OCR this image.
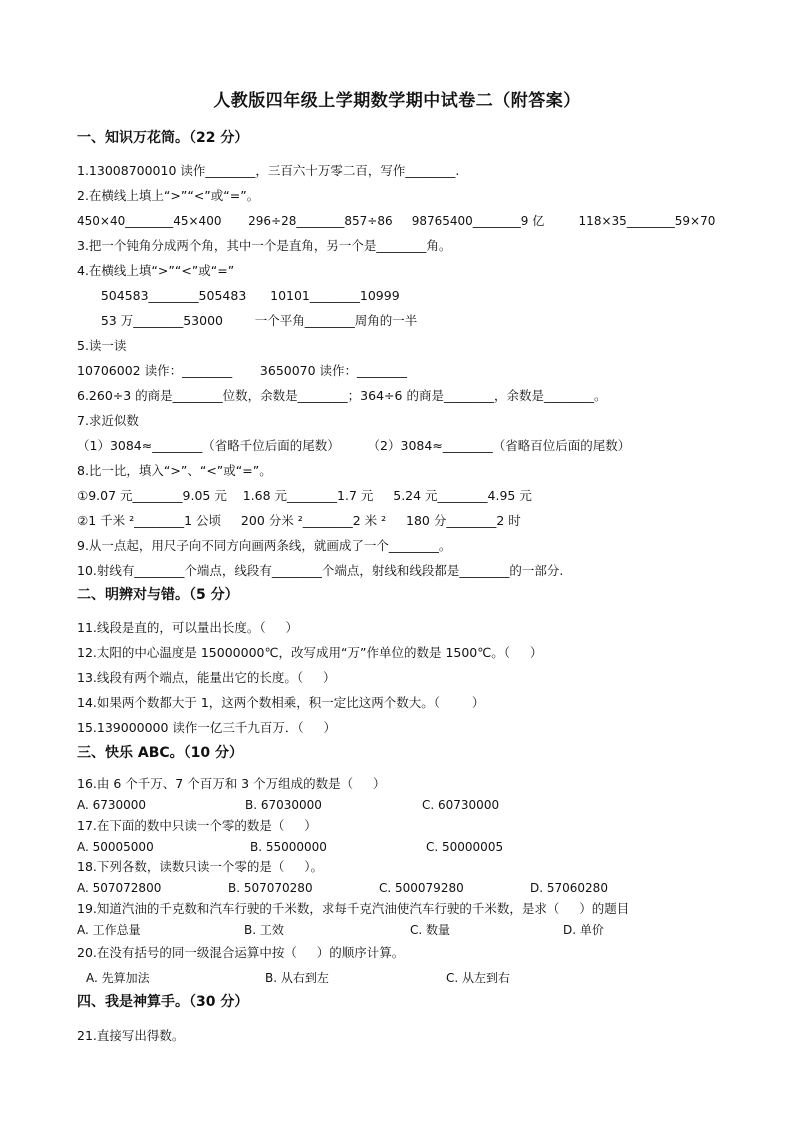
人教版四年级上学期数学期中试卷二（附答案）
一、知识万花筒。（22 分）
1.13008700010 读作________，三百六十万零二百，写作________.
2.在横线上填上“>”“<”或“=”。
450×40________45×400       296÷28________857÷86     98765400________9 亿         118×35________59×70
3.把一个钝角分成两个角，其中一个是直角，另一个是________角。
4.在横线上填“>”“<”或“=”
504583________505483      10101________10999
53 万________53000        一个平角________周角的一半
5.读一读
10706002 读作：________       3650070 读作：________
6.260÷3 的商是________位数，余数是________；364÷6 的商是________，余数是________。
7.求近似数
（1）3084≈________（省略千位后面的尾数）       （2）3084≈________（省略百位后面的尾数）
8.比一比，填入“>”、“<”或“=”。
①9.07 元________9.05 元    1.68 元________1.7 元     5.24 元________4.95 元
②1 千米 ²________1 公顷     200 分米 ²________2 米 ²     180 分________2 时
9.从一点起，用尺子向不同方向画两条线，就画成了一个________。
10.射线有________个端点，线段有________个端点，射线和线段都是________的一部分.
二、明辨对与错。（5 分）
11.线段是直的，可以量出长度。（     ）
12.太阳的中心温度是 15000000℃，改写成用“万”作单位的数是 1500℃。（     ）
13.线段有两个端点，能量出它的长度。（     ）
14.如果两个数都大于 1，这两个数相乘，积一定比这两个数大。（        ）
15.139000000 读作一亿三千九百万．（     ）
三、快乐 ABC。（10 分）
16.由 6 个千万、7 个百万和 3 个万组成的数是（     ）
A. 6730000	B. 67030000	C. 60730000
17.在下面的数中只读一个零的数是（     ）
A. 50005000	B. 55000000	C. 50000005
18.下列各数，读数只读一个零的是（     ）。
A. 507072800	B. 507070280	C. 500079280	D. 57060280
19.知道汽油的千克数和汽车行驶的千米数，求每千克汽油使汽车行驶的千米数，是求（     ）的题目
A. 工作总量	B. 工效	C. 数量	D. 单价
20.在没有括号的同一级混合运算中按（     ）的顺序计算。
A. 先算加法	B. 从右到左	C. 从左到右
四、我是神算手。（30 分）
21.直接写出得数。
